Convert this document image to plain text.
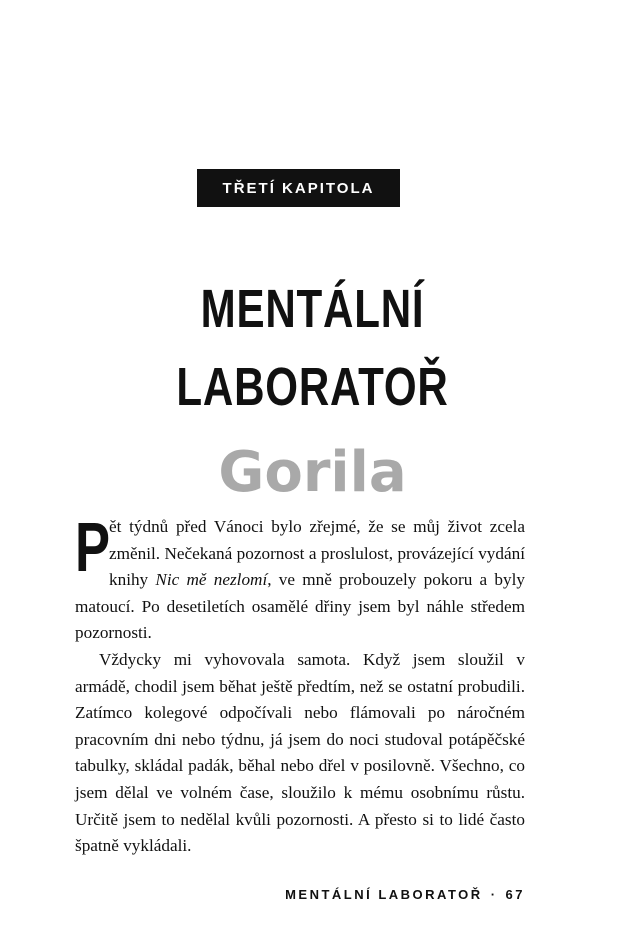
TŘETÍ KAPITOLA
MENTÁLNÍ
LABORATOŘ
Gorila

P
ět týdnů před Vánoci bylo zřejmé, že se můj život zcela změnil. Nečekaná pozornost a proslulost, provázející vydání knihy Nic mě nezlomí, ve mně probouzely pokoru a byly matoucí. Po desetiletích osamělé dřiny jsem byl náhle středem pozornosti.

Vždycky mi vyhovovala samota. Když jsem sloužil v armádě, chodil jsem běhat ještě předtím, než se ostatní probudili. Zatímco kolegové odpočívali nebo flámovali po náročném pracovním dni nebo týdnu, já jsem do noci studoval potápěčské tabulky, skládal padák, běhal nebo dřel v posilovně. Všechno, co jsem dělal ve volném čase, sloužilo k mému osobnímu růstu. Určitě jsem to nedělal kvůli pozornosti. A přesto si to lidé často špatně vykládali.

MENTÁLNÍ LABORATOŘ · 67
